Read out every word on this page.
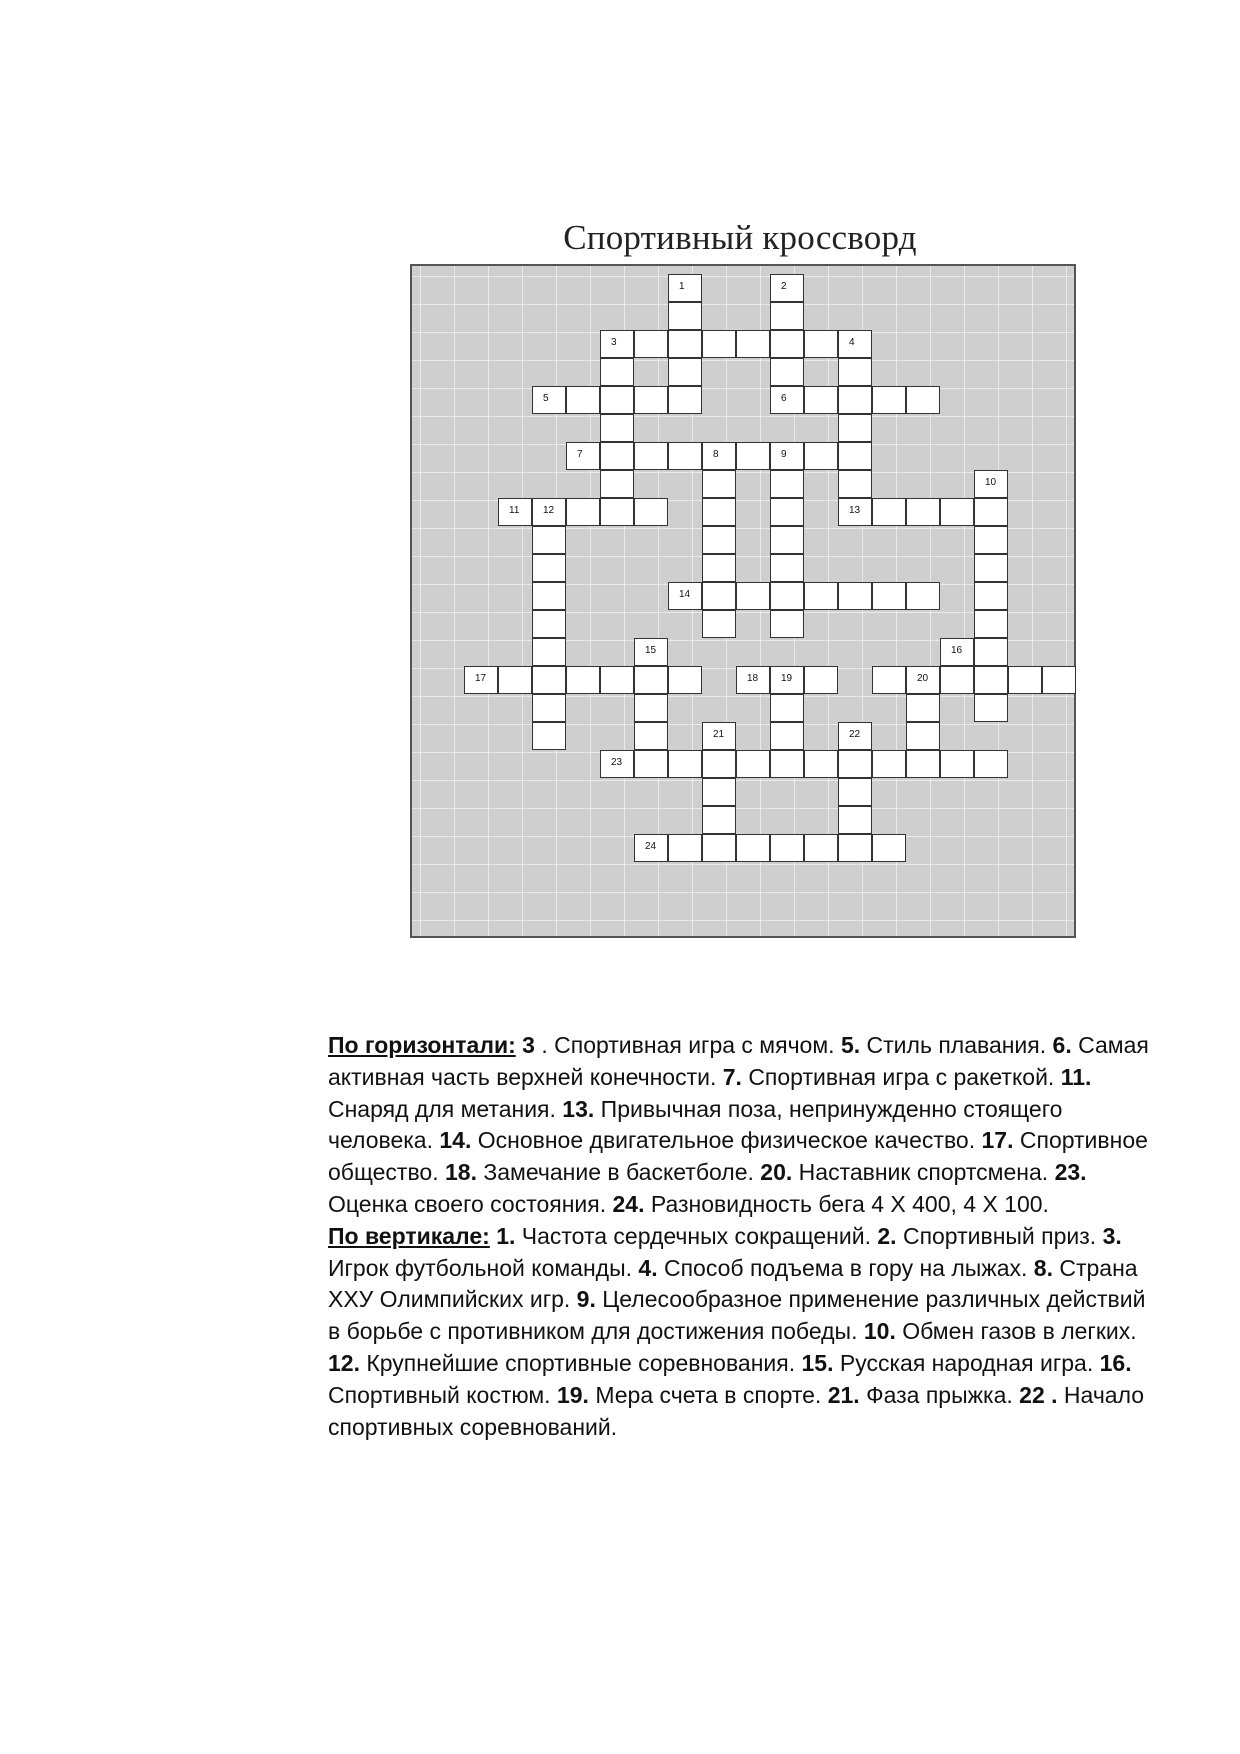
Спортивный кроссворд
1	2
3	4
5	6
7	8	9
10
11 12	13
14
15	16
17	18 19	20
21	22
23
24
По горизонтали: 3 . Спортивная игра с мячом. 5. Стиль плавания. 6. Самая активная часть верхней конечности. 7. Спортивная игра с ракеткой. 11. Снаряд для метания. 13. Привычная поза, непринужденно стоящего человека. 14. Основное двигательное физическое качество. 17. Спортивное общество. 18. Замечание в баскетболе. 20. Наставник спортсмена. 23. Оценка своего состояния. 24. Разновидность бега 4 Х 400, 4 Х 100.
По вертикале: 1. Частота сердечных сокращений. 2. Спортивный приз. 3. Игрок футбольной команды. 4. Способ подъема в гору на лыжах. 8. Страна XXУ Олимпийских игр. 9. Целесообразное применение различных действий в борьбе с противником для достижения победы. 10. Обмен газов в легких. 12. Крупнейшие спортивные соревнования. 15. Русская народная игра. 16. Спортивный костюм. 19. Мера счета в спорте. 21. Фаза прыжка. 22 . Начало спортивных соревнований.
